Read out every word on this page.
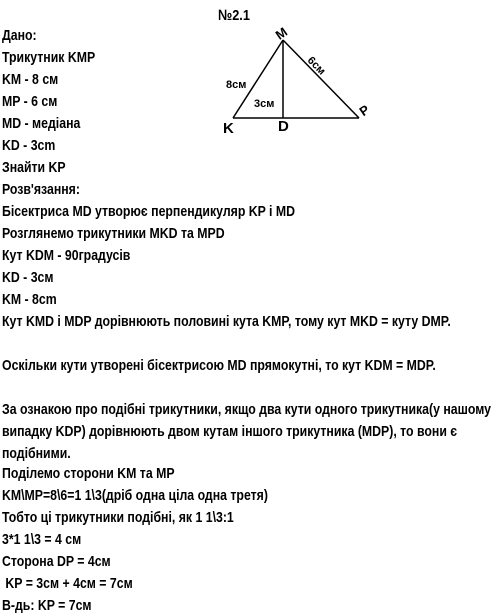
№2.1
M
K	D
P
8см
6см
3см
Дано:
Трикутник KMP
KM - 8 см
MP - 6 см
MD - медіана
KD - 3cm
Знайти KP
Розв'язання:
Бісектриса MD утворює перпендикуляр KP і MD
Розглянемо трикутники MKD та MPD
Кут KDM - 90градусів
KD - 3см
KM - 8cm
Кут KMD і MDP дорівнюють половині кута KMP, тому кут MKD = куту DMP.
Оскільки кути утворені бісектрисою MD прямокутні, то кут KDM = MDP.
За ознакою про подібні трикутники, якщо два кути одного трикутника(у нашому випадку KDP) дорівнюють двом кутам іншого трикутника (MDP), то вони є подібними.
Поділемо сторони KM та MP
KM\MP=8\6=1 1\3(дріб одна ціла одна третя)
Тобто ці трикутники подібні, як 1 1\3:1
3*1 1\3 = 4 см
Сторона DP = 4см
KP = 3см + 4см = 7см
В-дь: KP = 7см
